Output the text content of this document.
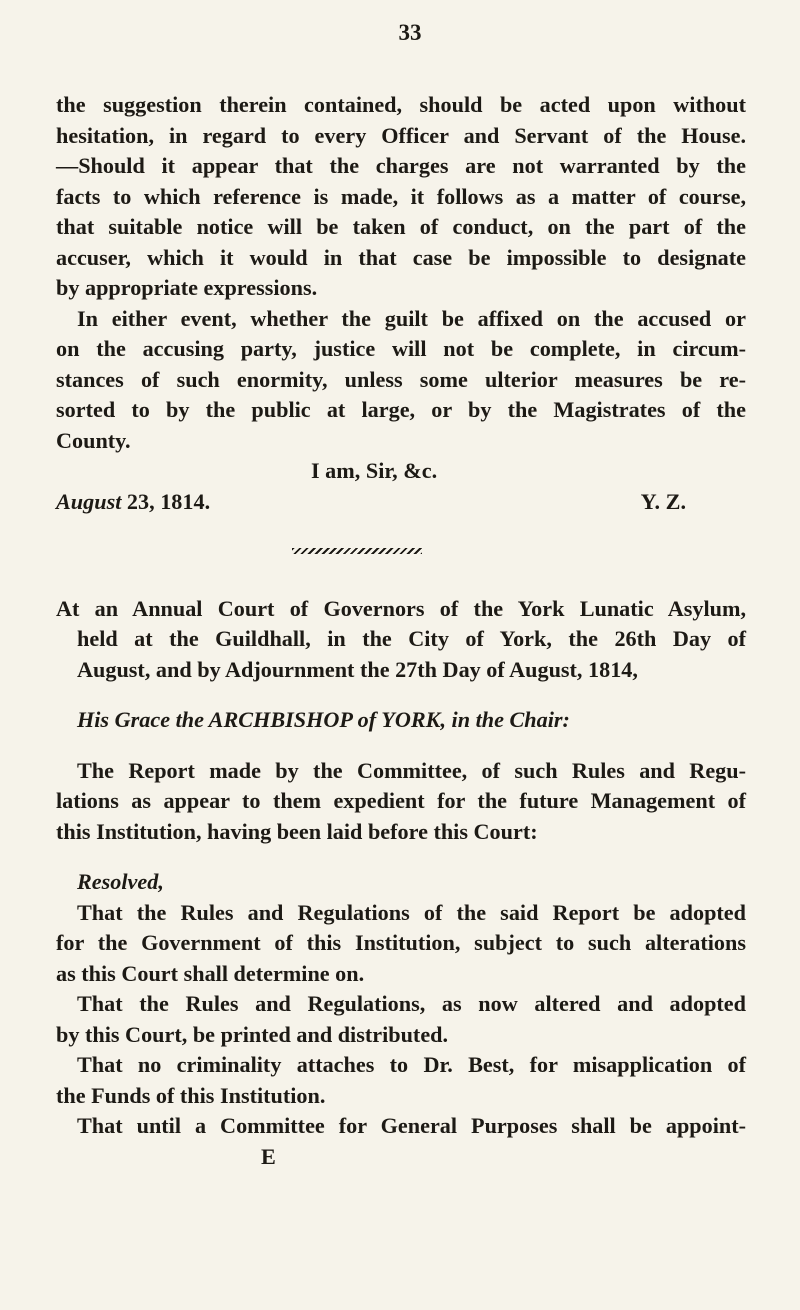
33

the suggestion therein contained, should be acted upon without

hesitation, in regard to every Officer and Servant of the House.

—Should it appear that the charges are not warranted by the

facts to which reference is made, it follows as a matter of course,

that suitable notice will be taken of conduct, on the part of the

accuser, which it would in that case be impossible to designate

by appropriate expressions.

In either event, whether the guilt be affixed on the accused or

on the accusing party, justice will not be complete, in circum-

stances of such enormity, unless some ulterior measures be re-

sorted to by the public at large, or by the Magistrates of the

County.

I am, Sir, &c.

August 23, 1814.	Y. Z.

At an Annual Court of Governors of the York Lunatic Asylum,

held at the Guildhall, in the City of York, the 26th Day of

August, and by Adjournment the 27th Day of August, 1814,

His Grace the ARCHBISHOP of YORK, in the Chair:

The Report made by the Committee, of such Rules and Regu-

lations as appear to them expedient for the future Management of

this Institution, having been laid before this Court:

Resolved,

That the Rules and Regulations of the said Report be adopted

for the Government of this Institution, subject to such alterations

as this Court shall determine on.

That the Rules and Regulations, as now altered and adopted

by this Court, be printed and distributed.

That no criminality attaches to Dr. Best, for misapplication of

the Funds of this Institution.

That until a Committee for General Purposes shall be appoint-

E
